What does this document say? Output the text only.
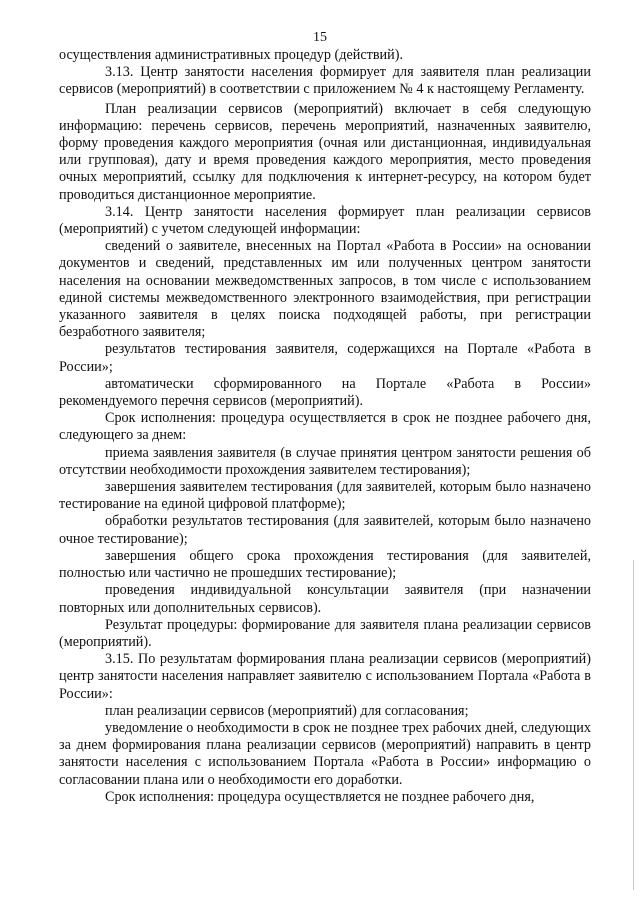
15

осуществления административных процедур (действий).

3.13. Центр занятости населения формирует для заявителя план реализации сервисов (мероприятий) в соответствии с приложением № 4 к настоящему Регламенту.

План реализации сервисов (мероприятий) включает в себя следующую информацию: перечень сервисов, перечень мероприятий, назначенных заявителю, форму проведения каждого мероприятия (очная или дистанционная, индивидуальная или групповая), дату и время проведения каждого мероприятия, место проведения очных мероприятий, ссылку для подключения к интернет-ресурсу, на котором будет проводиться дистанционное мероприятие.

3.14. Центр занятости населения формирует план реализации сервисов (мероприятий) с учетом следующей информации:

сведений о заявителе, внесенных на Портал «Работа в России» на основании документов и сведений, представленных им или полученных центром занятости населения на основании межведомственных запросов, в том числе с использованием единой системы межведомственного электронного взаимодействия, при регистрации указанного заявителя в целях поиска подходящей работы, при регистрации безработного заявителя;

результатов тестирования заявителя, содержащихся на Портале «Работа в России»;

автоматически сформированного на Портале «Работа в России» рекомендуемого перечня сервисов (мероприятий).

Срок исполнения: процедура осуществляется в срок не позднее рабочего дня, следующего за днем:

приема заявления заявителя (в случае принятия центром занятости решения об отсутствии необходимости прохождения заявителем тестирования);

завершения заявителем тестирования (для заявителей, которым было назначено тестирование на единой цифровой платформе);

обработки результатов тестирования (для заявителей, которым было назначено очное тестирование);

завершения общего срока прохождения тестирования (для заявителей, полностью или частично не прошедших тестирование);

проведения индивидуальной консультации заявителя (при назначении повторных или дополнительных сервисов).

Результат процедуры: формирование для заявителя плана реализации сервисов (мероприятий).

3.15. По результатам формирования плана реализации сервисов (мероприятий) центр занятости населения направляет заявителю с использованием Портала «Работа в России»:

план реализации сервисов (мероприятий) для согласования;

уведомление о необходимости в срок не позднее трех рабочих дней, следующих за днем формирования плана реализации сервисов (мероприятий) направить в центр занятости населения с использованием Портала «Работа в России» информацию о согласовании плана или о необходимости его доработки.

Срок исполнения: процедура осуществляется не позднее рабочего дня,
